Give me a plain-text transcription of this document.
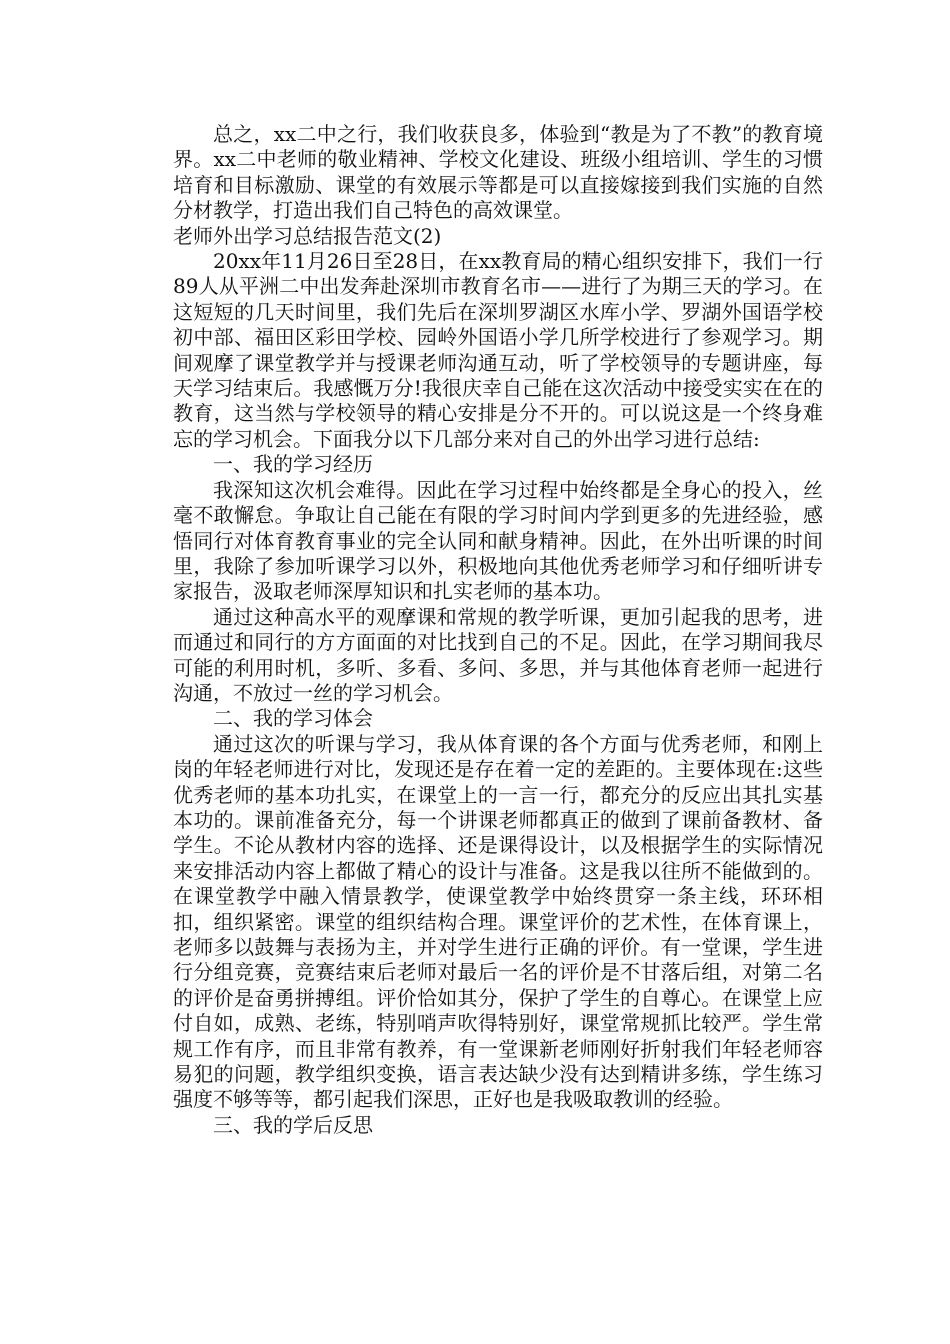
总之，xx二中之行，我们收获良多，体验到“教是为了不教”的教育境界。xx二中老师的敬业精神、学校文化建设、班级小组培训、学生的习惯培育和目标激励、课堂的有效展示等都是可以直接嫁接到我们实施的自然分材教学，打造出我们自己特色的高效课堂。

老师外出学习总结报告范文(2)

20xx年11月26日至28日，在xx教育局的精心组织安排下，我们一行89人从平洲二中出发奔赴深圳市教育名市——进行了为期三天的学习。在这短短的几天时间里，我们先后在深圳罗湖区水库小学、罗湖外国语学校初中部、福田区彩田学校、园岭外国语小学几所学校进行了参观学习。期间观摩了课堂教学并与授课老师沟通互动，听了学校领导的专题讲座，每天学习结束后。我感慨万分!我很庆幸自己能在这次活动中接受实实在在的教育，这当然与学校领导的精心安排是分不开的。可以说这是一个终身难忘的学习机会。下面我分以下几部分来对自己的外出学习进行总结:

一、我的学习经历

我深知这次机会难得。因此在学习过程中始终都是全身心的投入，丝毫不敢懈怠。争取让自己能在有限的学习时间内学到更多的先进经验，感悟同行对体育教育事业的完全认同和献身精神。因此，在外出听课的时间里，我除了参加听课学习以外，积极地向其他优秀老师学习和仔细听讲专家报告，汲取老师深厚知识和扎实老师的基本功。

通过这种高水平的观摩课和常规的教学听课，更加引起我的思考，进而通过和同行的方方面面的对比找到自己的不足。因此，在学习期间我尽可能的利用时机，多听、多看、多问、多思，并与其他体育老师一起进行沟通，不放过一丝的学习机会。

二、我的学习体会

通过这次的听课与学习，我从体育课的各个方面与优秀老师，和刚上岗的年轻老师进行对比，发现还是存在着一定的差距的。主要体现在:这些优秀老师的基本功扎实，在课堂上的一言一行，都充分的反应出其扎实基本功的。课前准备充分，每一个讲课老师都真正的做到了课前备教材、备学生。不论从教材内容的选择、还是课得设计，以及根据学生的实际情况来安排活动内容上都做了精心的设计与准备。这是我以往所不能做到的。在课堂教学中融入情景教学，使课堂教学中始终贯穿一条主线，环环相扣，组织紧密。课堂的组织结构合理。课堂评价的艺术性，在体育课上，老师多以鼓舞与表扬为主，并对学生进行正确的评价。有一堂课，学生进行分组竞赛，竞赛结束后老师对最后一名的评价是不甘落后组，对第二名的评价是奋勇拼搏组。评价恰如其分，保护了学生的自尊心。在课堂上应付自如，成熟、老练，特别哨声吹得特别好，课堂常规抓比较严。学生常规工作有序，而且非常有教养，有一堂课新老师刚好折射我们年轻老师容易犯的问题，教学组织变换，语言表达缺少没有达到精讲多练，学生练习强度不够等等，都引起我们深思，正好也是我吸取教训的经验。

三、我的学后反思
